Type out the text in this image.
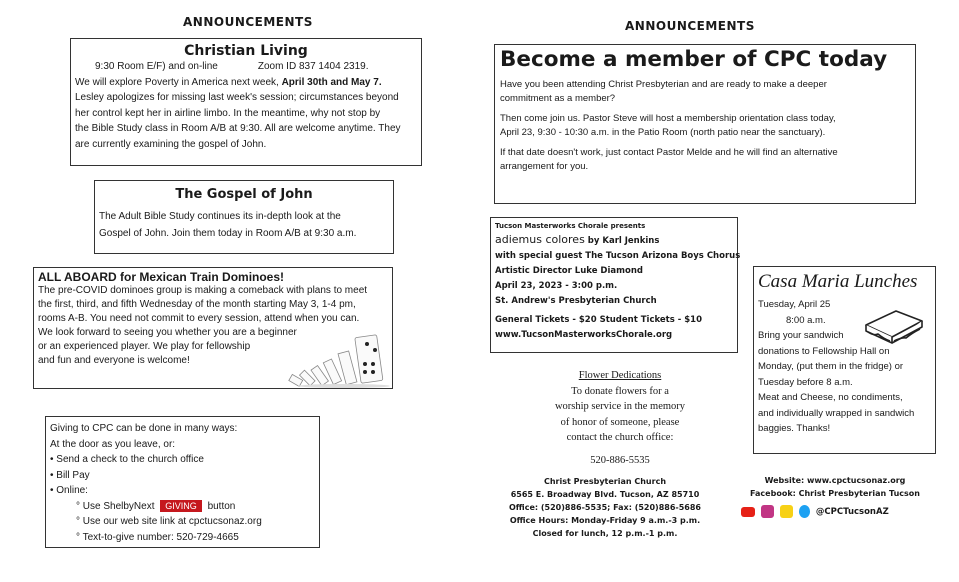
ANNOUNCEMENTS	ANNOUNCEMENTS
Christian Living
9:30 Room E/F) and on-line	Zoom ID 837 1404 2319.
We will explore Poverty in America next week, April 30th and May 7.
Lesley apologizes for missing last week's session; circumstances beyond
her control kept her in airline limbo. In the meantime, why not stop by
the Bible Study class in Room A/B at 9:30. All are welcome anytime. They
are currently examining the gospel of John.
The Gospel of John
The Adult Bible Study continues its in-depth look at the
Gospel of John. Join them today in Room A/B at 9:30 a.m.
ALL ABOARD for Mexican Train Dominoes!
The pre-COVID dominoes group is making a comeback with plans to meet
the first, third, and fifth Wednesday of the month starting May 3, 1-4 pm,
rooms A-B. You need not commit to every session, attend when you can.
We look forward to seeing you whether you are a beginner
or an experienced player. We play for fellowship
and fun and everyone is welcome!
Giving to CPC can be done in many ways:
At the door as you leave, or:
• Send a check to the church office
• Bill Pay
• Online:
° Use ShelbyNext GIVING button
° Use our web site link at cpctucsonaz.org
° Text-to-give number: 520-729-4665
Become a member of CPC today
Have you been attending Christ Presbyterian and are ready to make a deeper
commitment as a member?
Then come join us. Pastor Steve will host a membership orientation class today,
April 23, 9:30 - 10:30 a.m. in the Patio Room (north patio near the sanctuary).
If that date doesn't work, just contact Pastor Melde and he will find an alternative
arrangement for you.
Tucson Masterworks Chorale presents
adiemus colores by Karl Jenkins
with special guest The Tucson Arizona Boys Chorus
Artistic Director Luke Diamond
April 23, 2023 - 3:00 p.m.
St. Andrew's Presbyterian Church
General Tickets - $20 Student Tickets - $10
www.TucsonMasterworksChorale.org
Casa Maria Lunches
Tuesday, April 25
8:00 a.m.
Bring your sandwich
donations to Fellowship Hall on
Monday, (put them in the fridge) or
Tuesday before 8 a.m.
Meat and Cheese, no condiments,
and individually wrapped in sandwich
baggies. Thanks!
Flower Dedications
To donate flowers for a
worship service in the memory
of honor of someone, please
contact the church office:
520-886-5535
Christ Presbyterian Church
6565 E. Broadway Blvd. Tucson, AZ 85710
Office: (520)886-5535; Fax: (520)886-5686
Office Hours: Monday-Friday 9 a.m.-3 p.m.
Closed for lunch, 12 p.m.-1 p.m.
Website: www.cpctucsonaz.org
Facebook: Christ Presbyterian Tucson
@CPCTucsonAZ
